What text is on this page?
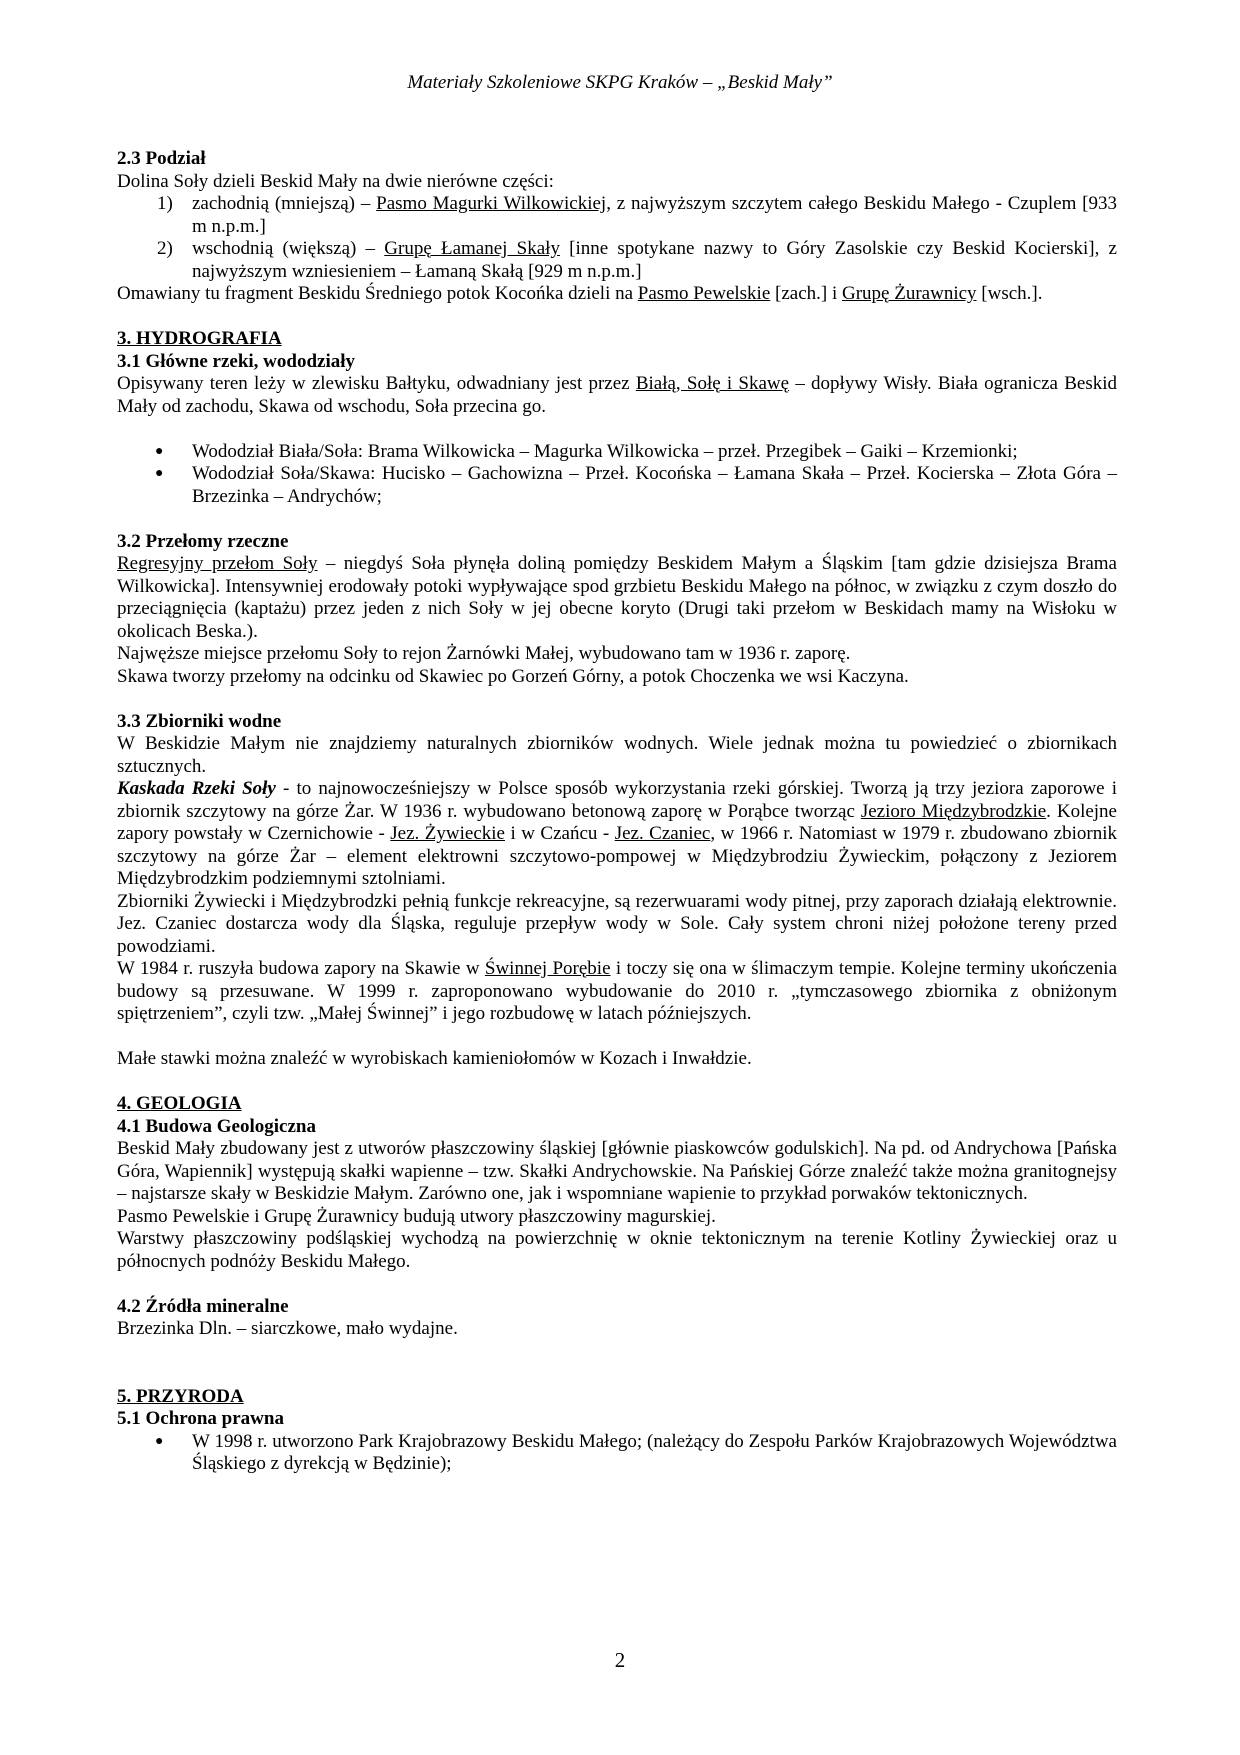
Materiały Szkoleniowe SKPG Kraków – „Beskid Mały”

2.3 Podział

Dolina Soły dzieli Beskid Mały na dwie nierówne części:

1) zachodnią (mniejszą) – Pasmo Magurki Wilkowickiej, z najwyższym szczytem całego Beskidu Małego - Czuplem [933 m n.p.m.]
2) wschodnią (większą) – Grupę Łamanej Skały [inne spotykane nazwy to Góry Zasolskie czy Beskid Kocierski], z najwyższym wzniesieniem – Łamaną Skałą [929 m n.p.m.]

Omawiany tu fragment Beskidu Średniego potok Kocońka dzieli na Pasmo Pewelskie [zach.] i Grupę Żurawnicy [wsch.].

3. HYDROGRAFIA

3.1 Główne rzeki, wododziały

Opisywany teren leży w zlewisku Bałtyku, odwadniany jest przez Białą, Sołę i Skawę – dopływy Wisły. Biała ogranicza Beskid Mały od zachodu, Skawa od wschodu, Soła przecina go.

● Wododział Biała/Soła: Brama Wilkowicka – Magurka Wilkowicka – przeł. Przegibek – Gaiki – Krzemionki;
● Wododział Soła/Skawa: Hucisko – Gachowizna – Przeł. Kocońska – Łamana Skała – Przeł. Kocierska – Złota Góra – Brzezinka – Andrychów;

3.2 Przełomy rzeczne

Regresyjny przełom Soły – niegdyś Soła płynęła doliną pomiędzy Beskidem Małym a Śląskim [tam gdzie dzisiejsza Brama Wilkowicka]. Intensywniej erodowały potoki wypływające spod grzbietu Beskidu Małego na północ, w związku z czym doszło do przeciągnięcia (kaptażu) przez jeden z nich Soły w jej obecne koryto (Drugi taki przełom w Beskidach mamy na Wisłoku w okolicach Beska.).

Najwęższe miejsce przełomu Soły to rejon Żarnówki Małej, wybudowano tam w 1936 r. zaporę.

Skawa tworzy przełomy na odcinku od Skawiec po Gorzeń Górny, a potok Choczenka we wsi Kaczyna.

3.3 Zbiorniki wodne

W Beskidzie Małym nie znajdziemy naturalnych zbiorników wodnych. Wiele jednak można tu powiedzieć o zbiornikach sztucznych.

Kaskada Rzeki Soły - to najnowocześniejszy w Polsce sposób wykorzystania rzeki górskiej. Tworzą ją trzy jeziora zaporowe i zbiornik szczytowy na górze Żar. W 1936 r. wybudowano betonową zaporę w Porąbce tworząc Jezioro Międzybrodzkie. Kolejne zapory powstały w Czernichowie - Jez. Żywieckie i w Czańcu - Jez. Czaniec, w 1966 r. Natomiast w 1979 r. zbudowano zbiornik szczytowy na górze Żar – element elektrowni szczytowo-pompowej w Międzybrodziu Żywieckim, połączony z Jeziorem Międzybrodzkim podziemnymi sztolniami.

Zbiorniki Żywiecki i Międzybrodzki pełnią funkcje rekreacyjne, są rezerwuarami wody pitnej, przy zaporach działają elektrownie. Jez. Czaniec dostarcza wody dla Śląska, reguluje przepływ wody w Sole. Cały system chroni niżej położone tereny przed powodziami.

W 1984 r. ruszyła budowa zapory na Skawie w Świnnej Porębie i toczy się ona w ślimaczym tempie. Kolejne terminy ukończenia budowy są przesuwane. W 1999 r. zaproponowano wybudowanie do 2010 r. „tymczasowego zbiornika z obniżonym spiętrzeniem”, czyli tzw. „Małej Świnnej” i jego rozbudowę w latach późniejszych.

Małe stawki można znaleźć w wyrobiskach kamieniołomów w Kozach i Inwałdzie.

4. GEOLOGIA

4.1 Budowa Geologiczna

Beskid Mały zbudowany jest z utworów płaszczowiny śląskiej [głównie piaskowców godulskich]. Na pd. od Andrychowa [Pańska Góra, Wapiennik] występują skałki wapienne – tzw. Skałki Andrychowskie. Na Pańskiej Górze znaleźć także można granitognejsy – najstarsze skały w Beskidzie Małym. Zarówno one, jak i wspomniane wapienie to przykład porwaków tektonicznych.

Pasmo Pewelskie i Grupę Żurawnicy budują utwory płaszczowiny magurskiej.

Warstwy płaszczowiny podśląskiej wychodzą na powierzchnię w oknie tektonicznym na terenie Kotliny Żywieckiej oraz u północnych podnóży Beskidu Małego.

4.2 Źródła mineralne

Brzezinka Dln. – siarczkowe, mało wydajne.

5. PRZYRODA

5.1 Ochrona prawna

● W 1998 r. utworzono Park Krajobrazowy Beskidu Małego; (należący do Zespołu Parków Krajobrazowych Województwa Śląskiego z dyrekcją w Będzinie);
2
